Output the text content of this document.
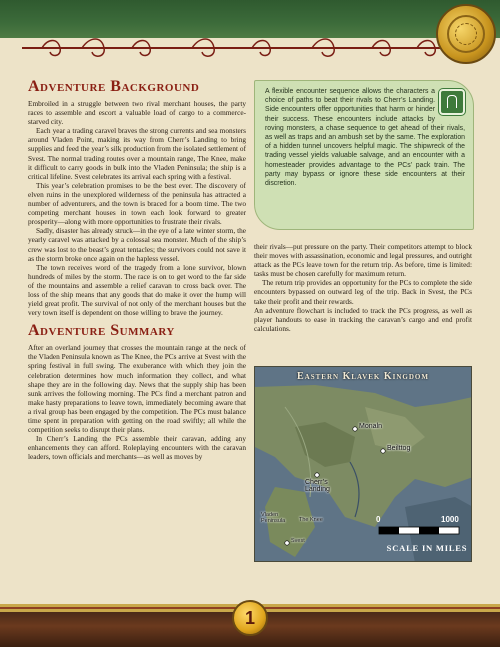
Adventure Background

Embroiled in a struggle between two rival merchant houses, the party races to assemble and escort a valuable load of cargo to a commerce-starved city.

Each year a trading caravel braves the strong currents and sea monsters around Vladen Point, making its way from Cherr’s Landing to bring supplies and feed the year’s silk production from the isolated settlement of Svest. The normal trading routes over a mountain range, The Knee, make it difficult to carry goods in bulk into the Vladen Peninsula; the ship is a critical lifeline. Svest celebrates its arrival each spring with a festival.

This year’s celebration promises to be the best ever. The discovery of elven ruins in the unexplored wilderness of the peninsula has attracted a number of adventurers, and the town is braced for a boom time. The two competing merchant houses in town each look forward to greater prosperity—along with more opportunities to frustrate their rivals.

Sadly, disaster has already struck—in the eye of a late winter storm, the yearly caravel was attacked by a colossal sea monster. Much of the ship’s crew was lost to the beast’s great tentacles; the survivors could not save it as the storm broke once again on the hapless vessel.

The town receives word of the tragedy from a lone survivor, blown hundreds of miles by the storm. The race is on to get word to the far side of the mountains and assemble a relief caravan to cross back over. The loss of the ship means that any goods that do make it over the hump will yield great profit. The survival of not only of the merchant houses but the very town itself is dependent on those willing to brave the journey.

Adventure Summary

After an overland journey that crosses the mountain range at the neck of the Vladen Peninsula known as The Knee, the PCs arrive at Svest with the spring festival in full swing. The exuberance with which they join the celebration determines how much information they collect, and what shape they are in the following day. News that the supply ship has been sunk arrives the following morning. The PCs find a merchant patron and make hasty preparations to leave town, immediately becoming aware that a rival group has been engaged by the competition. The PCs must balance time spent in preparation with getting on the road swiftly; all while the competition seeks to disrupt their plans.

In Cherr’s Landing the PCs assemble their caravan, adding any enhancements they can afford. Roleplaying encounters with the caravan leaders, town officials and merchants—as well as moves by

A flexible encounter sequence allows the characters a choice of paths to beat their rivals to Cherr’s Landing. Side encounters offer opportunities that harm or hinder their success. These encounters include attacks by roving monsters, a chase sequence to get ahead of their rivals, as well as traps and an ambush set by the same. The exploration of a hidden tunnel uncovers helpful magic. The shipwreck of the trading vessel yields valuable salvage, and an encounter with a homesteader provides advantage to the PCs’ pack train. The party may bypass or ignore these side encounters at their discretion.

their rivals—put pressure on the party. Their competitors attempt to block their moves with assassination, economic and legal pressures, and outright attack as the PCs leave town for the return trip. As before, time is limited: tasks must be chosen carefully for maximum return.

The return trip provides an opportunity for the PCs to complete the side encounters bypassed on outward leg of the trip. Back in Svest, the PCs take their profit and their rewards.

An adventure flowchart is included to track the PCs progress, as well as player handouts to ease in tracking the caravan’s cargo and end profit calculations.

Eastern Klavek Kingdom
Monaln
Beilttog
Cherr’s Landing
Vladen Peninsula	The Knee
Svest
0	1000
SCALE IN MILES
1
